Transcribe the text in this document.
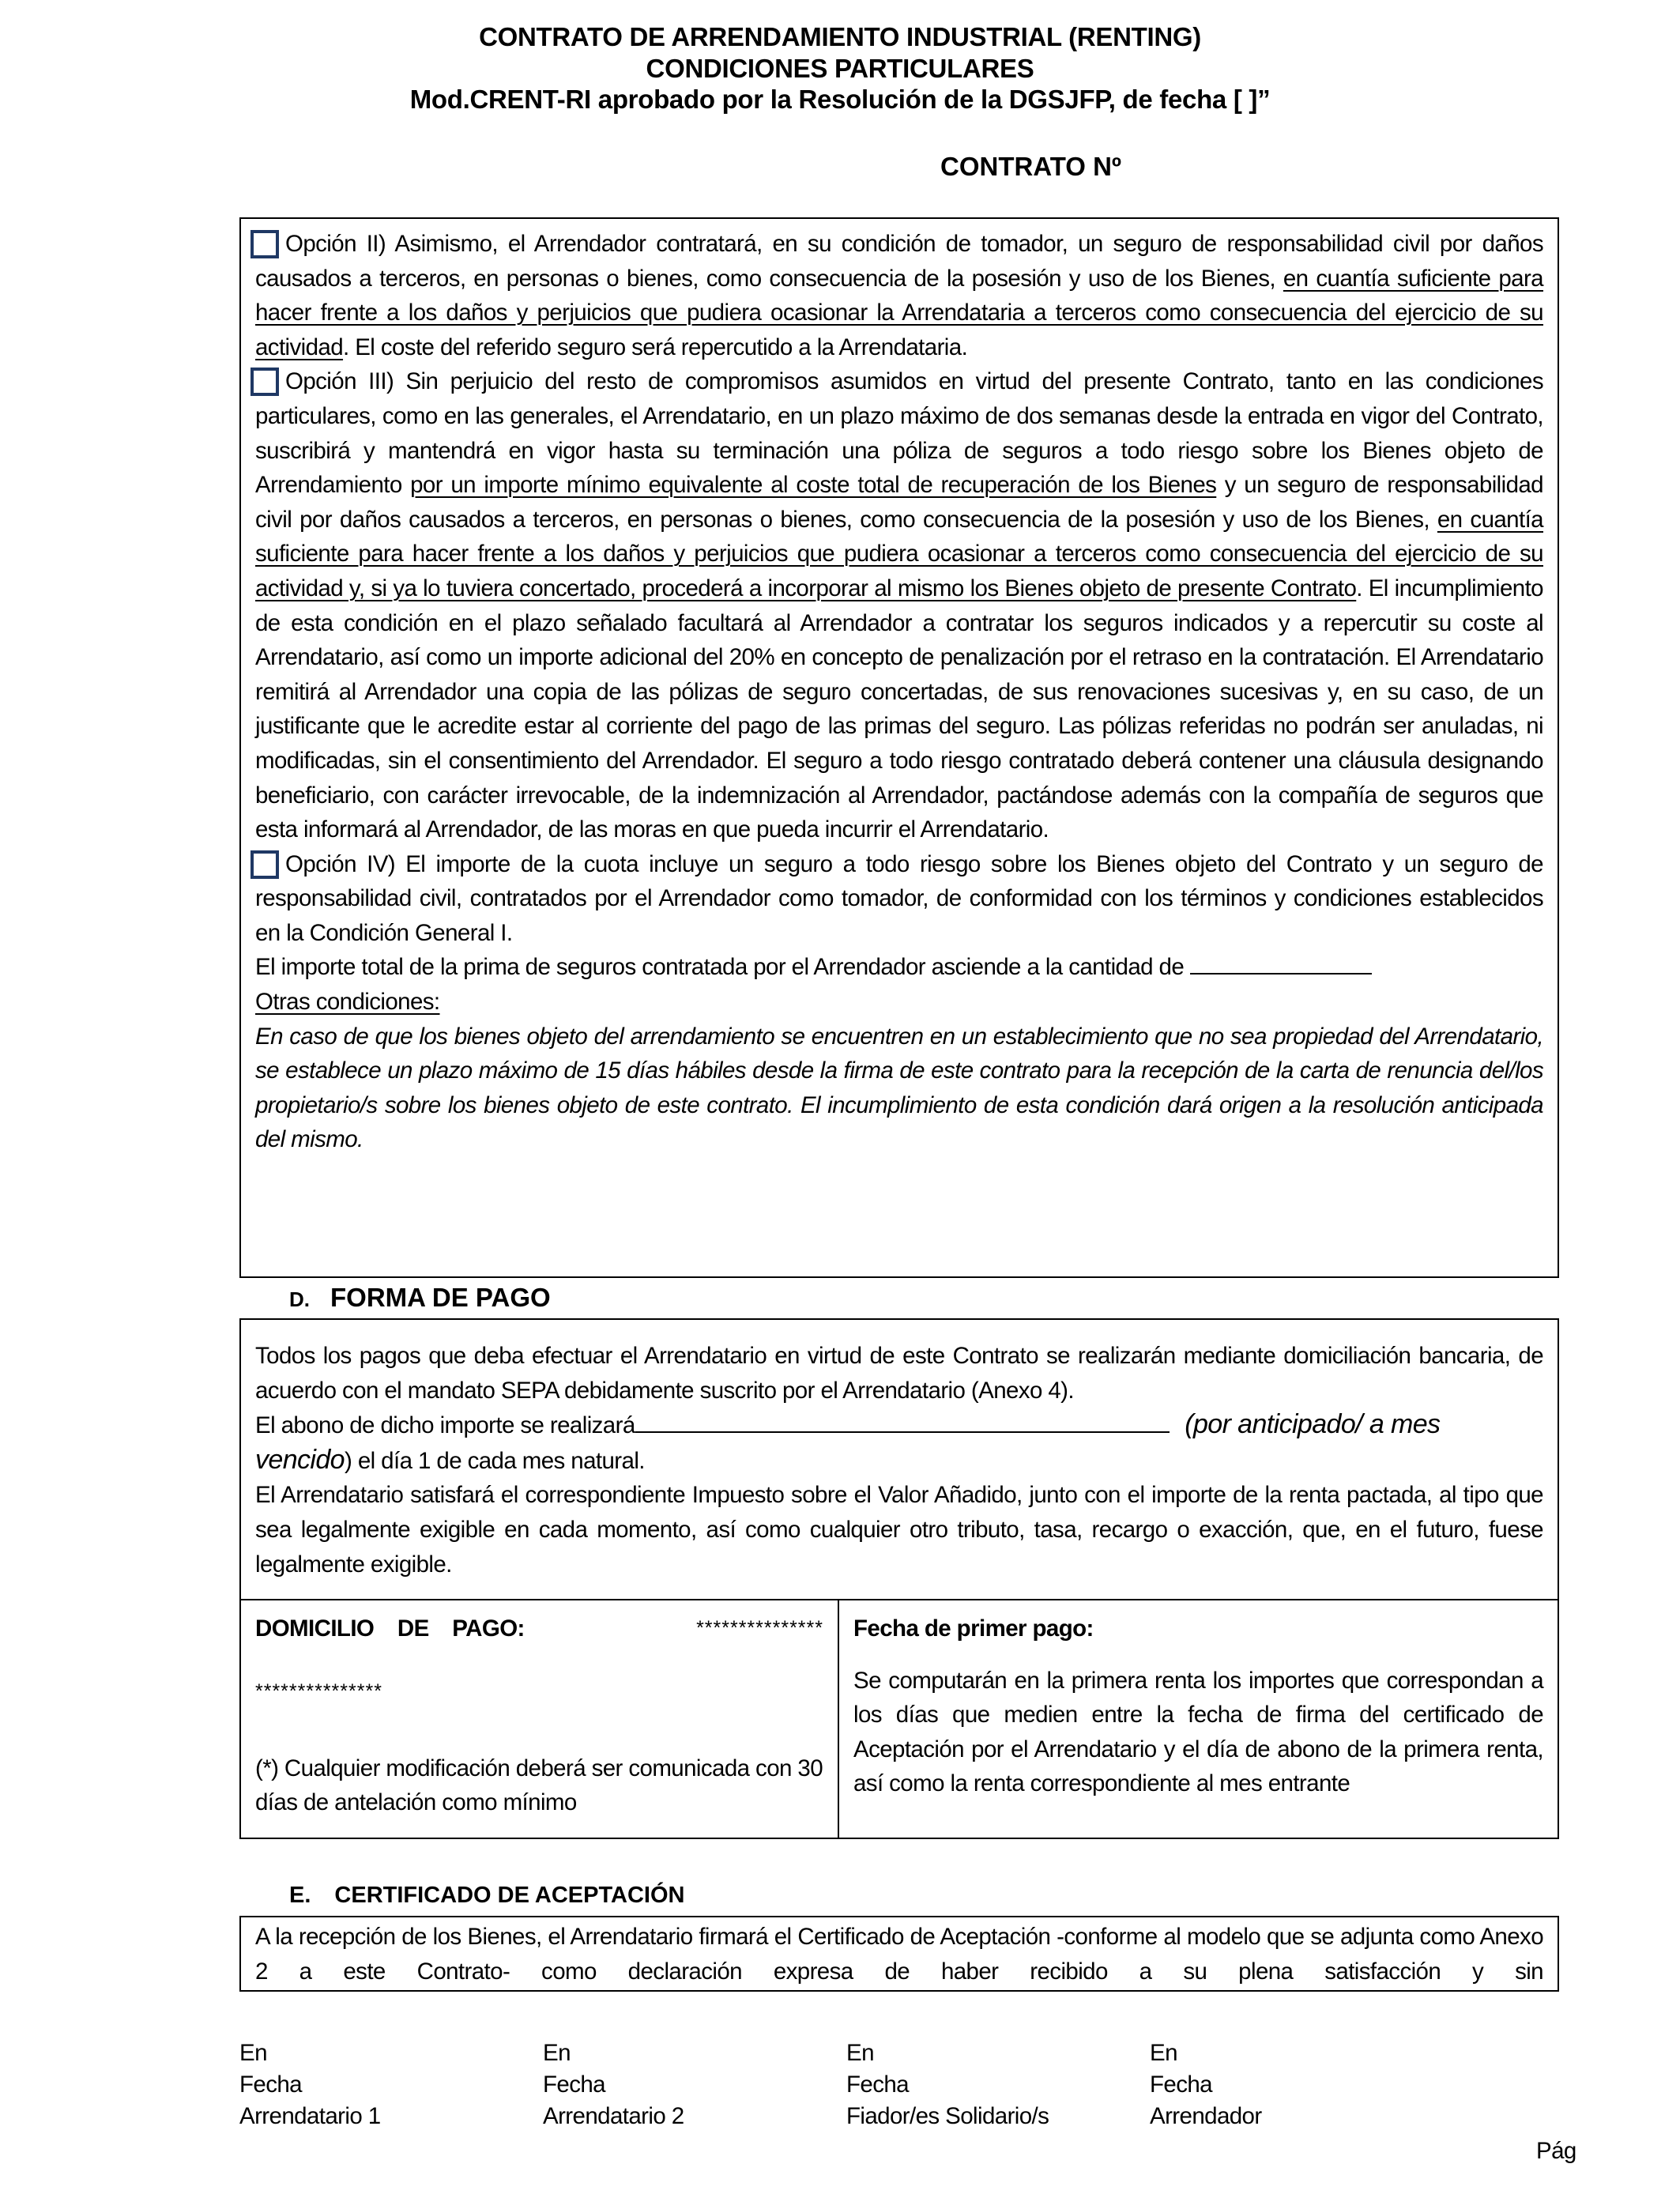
CONTRATO DE ARRENDAMIENTO INDUSTRIAL (RENTING)
CONDICIONES PARTICULARES
Mod.CRENT-RI aprobado por la Resolución de la DGSJFP, de fecha [ ]”
CONTRATO Nº

Opción II) Asimismo, el Arrendador contratará, en su condición de tomador, un seguro de responsabilidad civil por daños causados a terceros, en personas o bienes, como consecuencia de la posesión y uso de los Bienes, en cuantía suficiente para hacer frente a los daños y perjuicios que pudiera ocasionar la Arrendataria a terceros como consecuencia del ejercicio de su actividad. El coste del referido seguro será repercutido a la Arrendataria.

Opción III) Sin perjuicio del resto de compromisos asumidos en virtud del presente Contrato, tanto en las condiciones particulares, como en las generales, el Arrendatario, en un plazo máximo de dos semanas desde la entrada en vigor del Contrato, suscribirá y mantendrá en vigor hasta su terminación una póliza de seguros a todo riesgo sobre los Bienes objeto de Arrendamiento por un importe mínimo equivalente al coste total de recuperación de los Bienes y un seguro de responsabilidad civil por daños causados a terceros, en personas o bienes, como consecuencia de la posesión y uso de los Bienes, en cuantía suficiente para hacer frente a los daños y perjuicios que pudiera ocasionar a terceros como consecuencia del ejercicio de su actividad y, si ya lo tuviera concertado, procederá a incorporar al mismo los Bienes objeto de presente Contrato. El incumplimiento de esta condición en el plazo señalado facultará al Arrendador a contratar los seguros indicados y a repercutir su coste al Arrendatario, así como un importe adicional del 20% en concepto de penalización por el retraso en la contratación. El Arrendatario remitirá al Arrendador una copia de las pólizas de seguro concertadas, de sus renovaciones sucesivas y, en su caso, de un justificante que le acredite estar al corriente del pago de las primas del seguro. Las pólizas referidas no podrán ser anuladas, ni modificadas, sin el consentimiento del Arrendador. El seguro a todo riesgo contratado deberá contener una cláusula designando beneficiario, con carácter irrevocable, de la indemnización al Arrendador, pactándose además con la compañía de seguros que esta informará al Arrendador, de las moras en que pueda incurrir el Arrendatario.

Opción IV) El importe de la cuota incluye un seguro a todo riesgo sobre los Bienes objeto del Contrato y un seguro de responsabilidad civil, contratados por el Arrendador como tomador, de conformidad con los términos y condiciones establecidos en la Condición General I.

El importe total de la prima de seguros contratada por el Arrendador asciende a la cantidad de

Otras condiciones:

En caso de que los bienes objeto del arrendamiento se encuentren en un establecimiento que no sea propiedad del Arrendatario, se establece un plazo máximo de 15 días hábiles desde la firma de este contrato para la recepción de la carta de renuncia del/los propietario/s sobre los bienes objeto de este contrato. El incumplimiento de esta condición dará origen a la resolución anticipada del mismo.

D. FORMA DE PAGO

Todos los pagos que deba efectuar el Arrendatario en virtud de este Contrato se realizarán mediante domiciliación bancaria, de acuerdo con el mandato SEPA debidamente suscrito por el Arrendatario (Anexo 4).

El abono de dicho importe se realizará	(por anticipado/ a mes
vencido) el día 1 de cada mes natural.

El Arrendatario satisfará el correspondiente Impuesto sobre el Valor Añadido, junto con el importe de la renta pactada, al tipo que sea legalmente exigible en cada momento, así como cualquier otro tributo, tasa, recargo o exacción, que, en el futuro, fuese legalmente exigible.

DOMICILIO DE PAGO:	***************
***************
(*) Cualquier modificación deberá ser comunicada con 30 días de antelación como mínimo
Fecha de primer pago:

Se computarán en la primera renta los importes que correspondan a los días que medien entre la fecha de firma del certificado de Aceptación por el Arrendatario y el día de abono de la primera renta, así como la renta correspondiente al mes entrante

E. CERTIFICADO DE ACEPTACIÓN

A la recepción de los Bienes, el Arrendatario firmará el Certificado de Aceptación -conforme al modelo que se adjunta como Anexo 2 a este Contrato- como declaración expresa de haber recibido a su plena satisfacción y sin

En
Fecha
Arrendatario 1
En
Fecha
Arrendatario 2
En
Fecha
Fiador/es Solidario/s
En
Fecha
Arrendador
Pág
